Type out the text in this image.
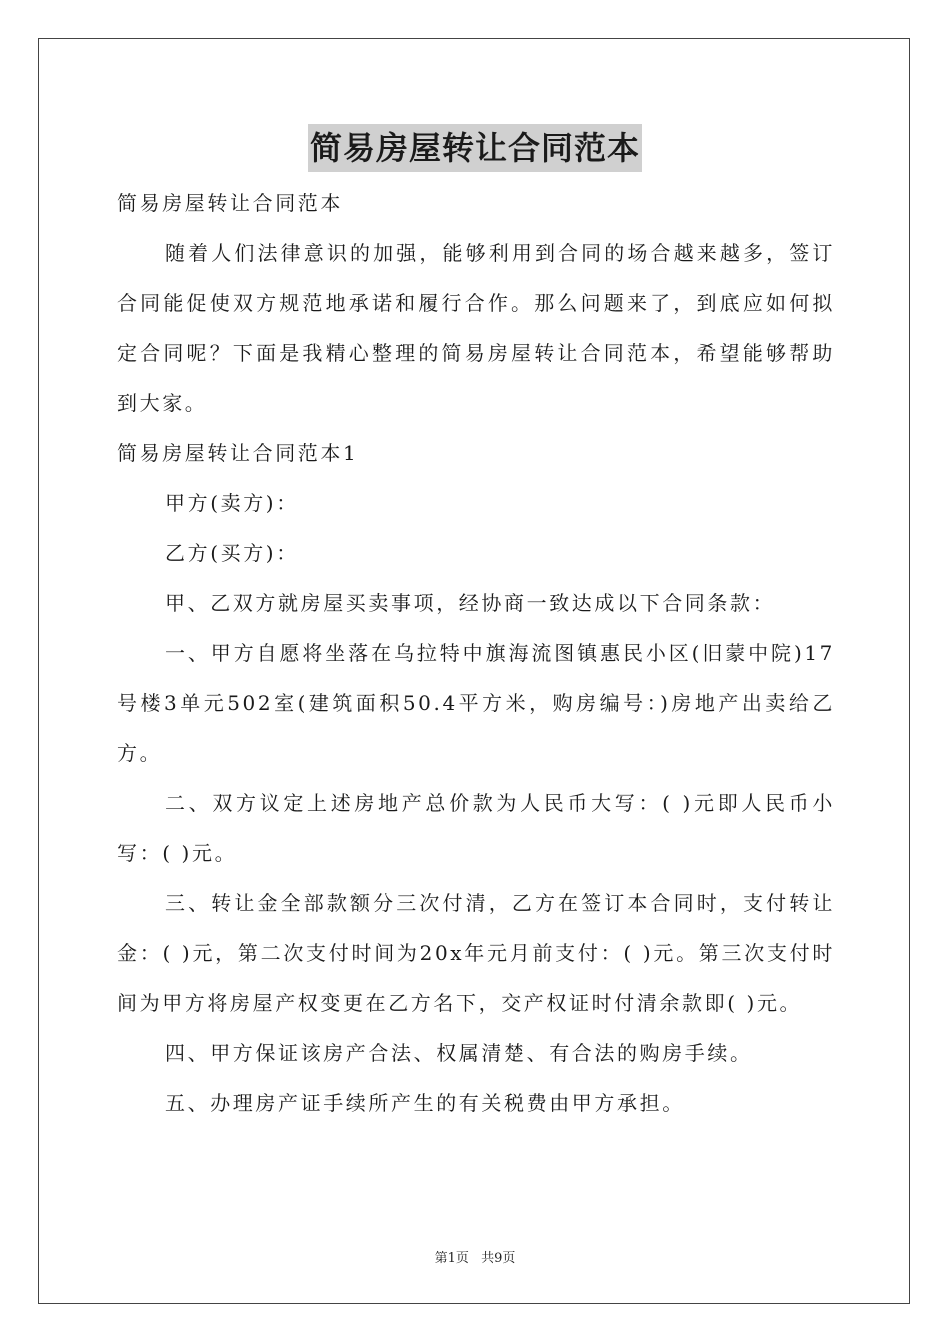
简易房屋转让合同范本

简易房屋转让合同范本

随着人们法律意识的加强，能够利用到合同的场合越来越多，签订合同能促使双方规范地承诺和履行合作。那么问题来了，到底应如何拟定合同呢？下面是我精心整理的简易房屋转让合同范本，希望能够帮助到大家。

简易房屋转让合同范本1

甲方(卖方)：

乙方(买方)：

甲、乙双方就房屋买卖事项，经协商一致达成以下合同条款：

一、甲方自愿将坐落在乌拉特中旗海流图镇惠民小区(旧蒙中院)17号楼3单元502室(建筑面积50.4平方米，购房编号：)房地产出卖给乙方。

二、双方议定上述房地产总价款为人民币大写：( )元即人民币小写：( )元。

三、转让金全部款额分三次付清，乙方在签订本合同时，支付转让金：( )元，第二次支付时间为20x年元月前支付：( )元。第三次支付时间为甲方将房屋产权变更在乙方名下，交产权证时付清余款即( )元。

四、甲方保证该房产合法、权属清楚、有合法的购房手续。

五、办理房产证手续所产生的有关税费由甲方承担。

第1页 共9页
